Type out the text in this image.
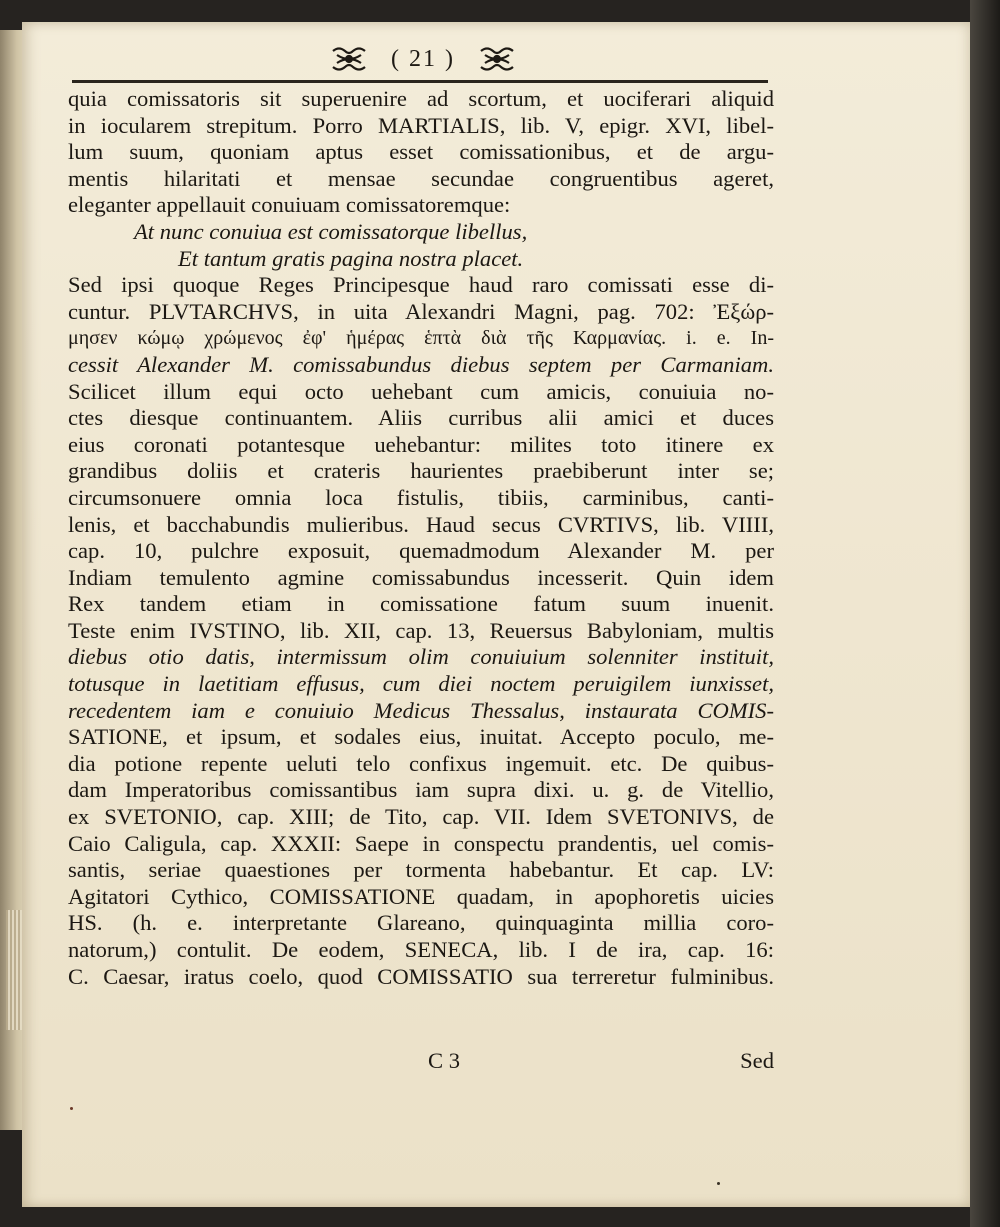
( 21 )
quia comissatoris sit superuenire ad scortum, et uociferari aliquid
in iocularem strepitum. Porro MARTIALIS, lib. V, epigr. XVI, libel-
lum suum, quoniam aptus esset comissationibus, et de argu-
mentis hilaritati et mensae secundae congruentibus ageret,
eleganter appellauit conuiuam comissatoremque:
At nunc conuiua est comissatorque libellus,
Et tantum gratis pagina nostra placet.
Sed ipsi quoque Reges Principesque haud raro comissati esse di-
cuntur. PLVTARCHVS, in uita Alexandri Magni, pag. 702: Ἐξώρ-
μησεν κώμῳ χρώμενος ἐφ' ἡμέρας ἑπτὰ διὰ τῆς Καρμανίας. i. e. In-
cessit Alexander M. comissabundus diebus septem per Carmaniam.
Scilicet illum equi octo uehebant cum amicis, conuiuia no-
ctes diesque continuantem. Aliis curribus alii amici et duces
eius coronati potantesque uehebantur: milites toto itinere ex
grandibus doliis et crateris haurientes praebiberunt inter se;
circumsonuere omnia loca fistulis, tibiis, carminibus, canti-
lenis, et bacchabundis mulieribus. Haud secus CVRTIVS, lib. VIIII,
cap. 10, pulchre exposuit, quemadmodum Alexander M. per
Indiam temulento agmine comissabundus incesserit. Quin idem
Rex tandem etiam in comissatione fatum suum inuenit.
Teste enim IVSTINO, lib. XII, cap. 13, Reuersus Babyloniam, multis
diebus otio datis, intermissum olim conuiuium solenniter instituit,
totusque in laetitiam effusus, cum diei noctem peruigilem iunxisset,
recedentem iam e conuiuio Medicus Thessalus, instaurata COMIS-
SATIONE, et ipsum, et sodales eius, inuitat. Accepto poculo, me-
dia potione repente ueluti telo confixus ingemuit. etc. De quibus-
dam Imperatoribus comissantibus iam supra dixi. u. g. de Vitellio,
ex SVETONIO, cap. XIII; de Tito, cap. VII. Idem SVETONIVS, de
Caio Caligula, cap. XXXII: Saepe in conspectu prandentis, uel comis-
santis, seriae quaestiones per tormenta habebantur. Et cap. LV:
Agitatori Cythico, COMISSATIONE quadam, in apophoretis uicies
HS. (h. e. interpretante Glareano, quinquaginta millia coro-
natorum,) contulit. De eodem, SENECA, lib. I de ira, cap. 16:
C. Caesar, iratus coelo, quod COMISSATIO sua terreretur fulminibus.
C 3	Sed
